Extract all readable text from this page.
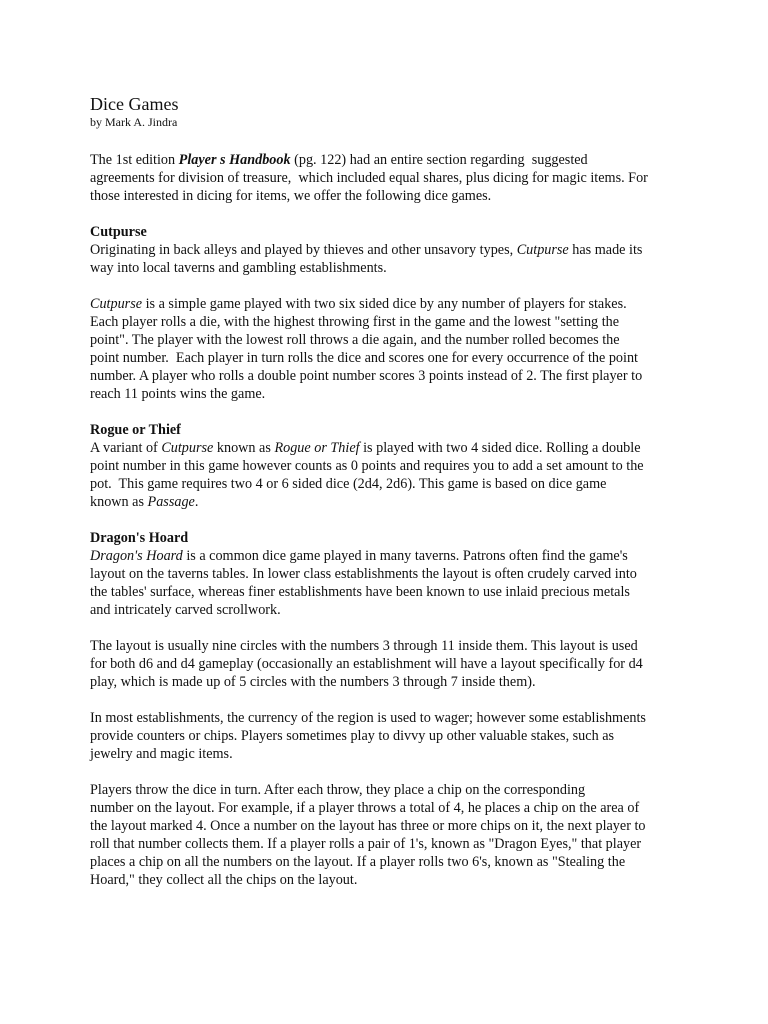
Dice Games

by Mark A. Jindra

The 1st edition Player s Handbook (pg. 122) had an entire section regarding  suggested
agreements for division of treasure,  which included equal shares, plus dicing for magic items. For
those interested in dicing for items, we offer the following dice games.

Cutpurse

Originating in back alleys and played by thieves and other unsavory types, Cutpurse has made its
way into local taverns and gambling establishments.

Cutpurse is a simple game played with two six sided dice by any number of players for stakes.
Each player rolls a die, with the highest throwing first in the game and the lowest "setting the
point". The player with the lowest roll throws a die again, and the number rolled becomes the
point number.  Each player in turn rolls the dice and scores one for every occurrence of the point
number. A player who rolls a double point number scores 3 points instead of 2. The first player to
reach 11 points wins the game.

Rogue or Thief

A variant of Cutpurse known as Rogue or Thief is played with two 4 sided dice. Rolling a double
point number in this game however counts as 0 points and requires you to add a set amount to the
pot.  This game requires two 4 or 6 sided dice (2d4, 2d6). This game is based on dice game
known as Passage.

Dragon's Hoard

Dragon's Hoard is a common dice game played in many taverns. Patrons often find the game's
layout on the taverns tables. In lower class establishments the layout is often crudely carved into
the tables' surface, whereas finer establishments have been known to use inlaid precious metals
and intricately carved scrollwork.

The layout is usually nine circles with the numbers 3 through 11 inside them. This layout is used
for both d6 and d4 gameplay (occasionally an establishment will have a layout specifically for d4
play, which is made up of 5 circles with the numbers 3 through 7 inside them).

In most establishments, the currency of the region is used to wager; however some establishments
provide counters or chips. Players sometimes play to divvy up other valuable stakes, such as
jewelry and magic items.

Players throw the dice in turn. After each throw, they place a chip on the corresponding
number on the layout. For example, if a player throws a total of 4, he places a chip on the area of
the layout marked 4. Once a number on the layout has three or more chips on it, the next player to
roll that number collects them. If a player rolls a pair of 1's, known as "Dragon Eyes," that player
places a chip on all the numbers on the layout. If a player rolls two 6's, known as "Stealing the
Hoard," they collect all the chips on the layout.
